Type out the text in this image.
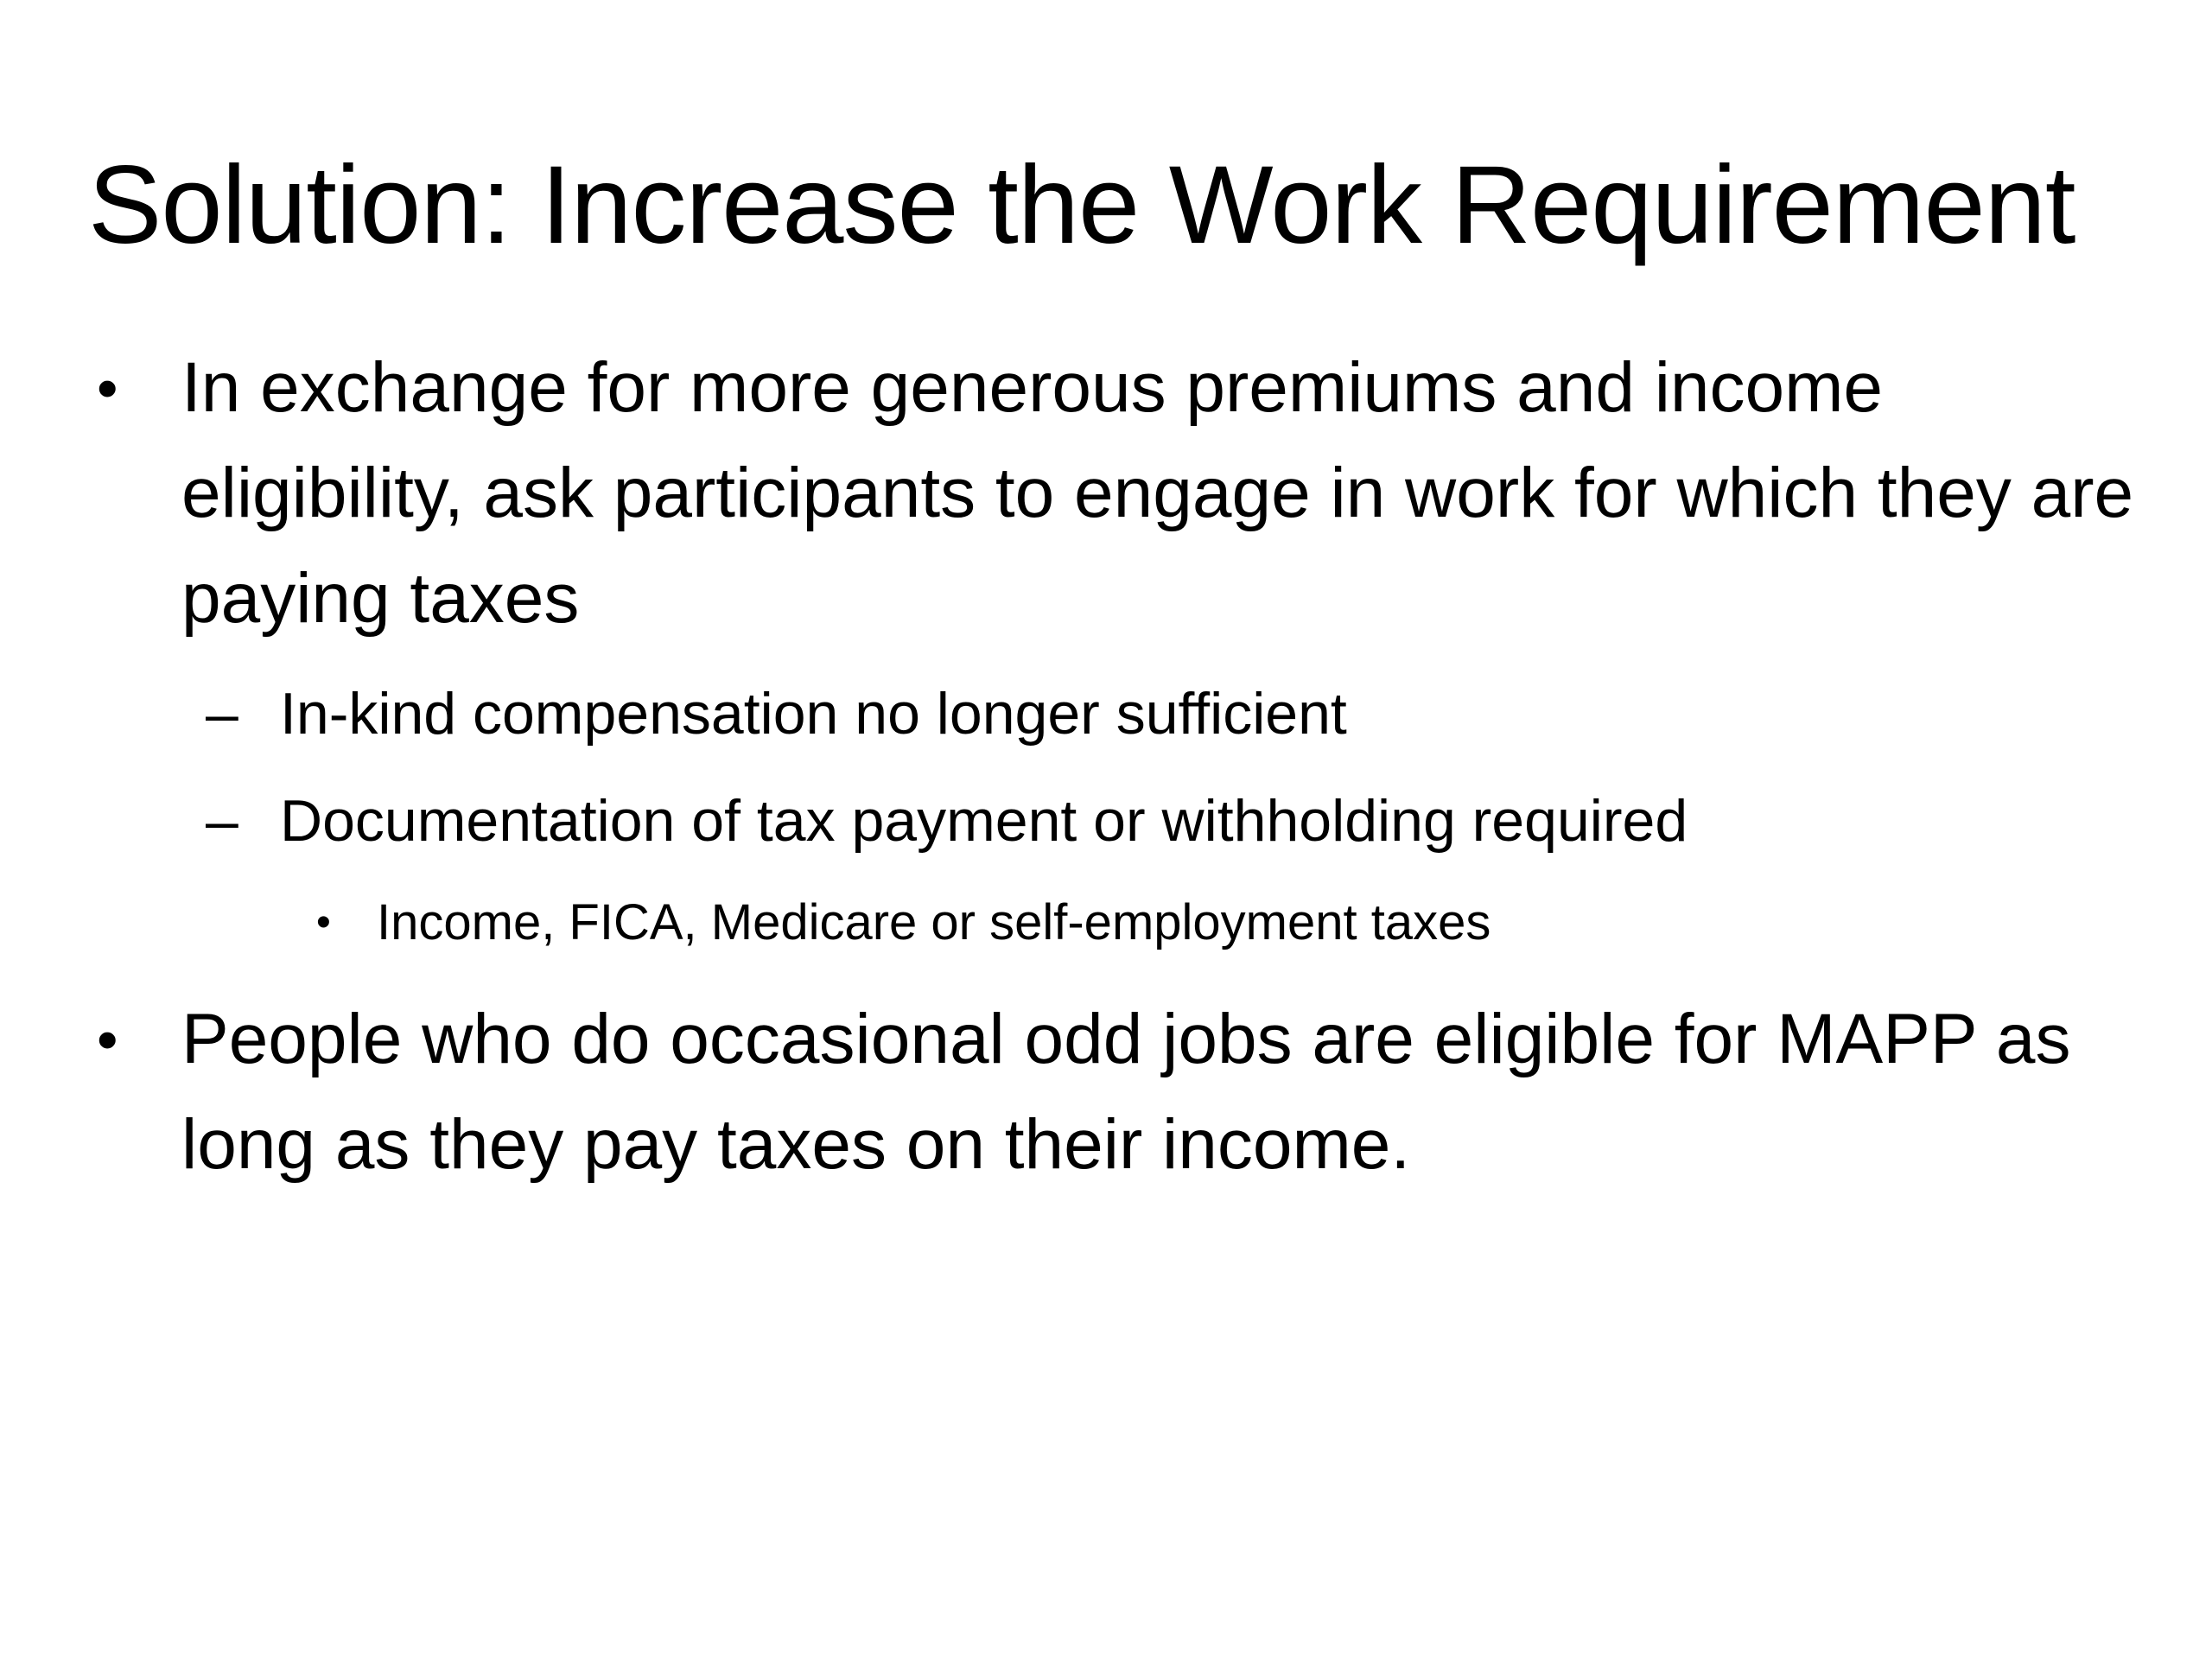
Solution: Increase the Work Requirement

• In exchange for more generous premiums and income eligibility, ask participants to engage in work for which they are paying taxes

– In-kind compensation no longer sufficient

– Documentation of tax payment or withholding required

• Income, FICA, Medicare or self-employment taxes

• People who do occasional odd jobs are eligible for MAPP as long as they pay taxes on their income.
